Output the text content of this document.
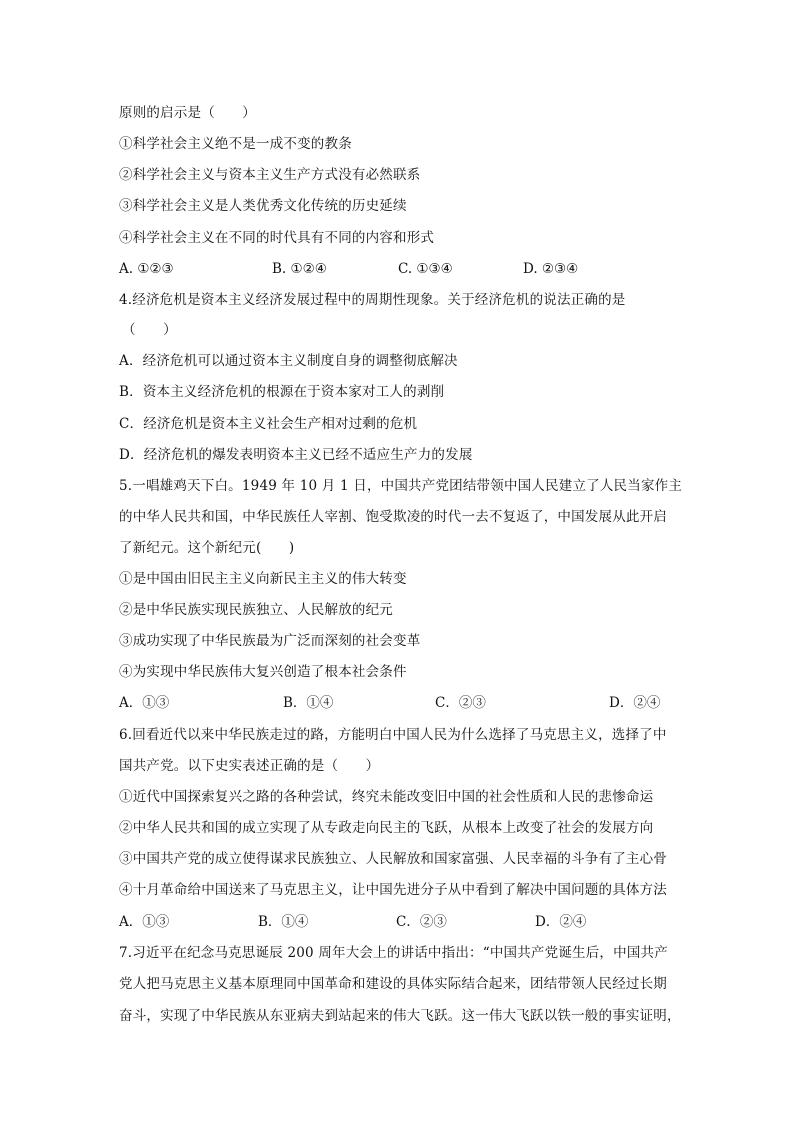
原则的启示是（　　）
①科学社会主义绝不是一成不变的教条
②科学社会主义与资本主义生产方式没有必然联系
③科学社会主义是人类优秀文化传统的历史延续
④科学社会主义在不同的时代具有不同的内容和形式
A. ①②③	B. ①②④	C. ①③④	D. ②③④
4.经济危机是资本主义经济发展过程中的周期性现象。关于经济危机的说法正确的是
（　　）
A．经济危机可以通过资本主义制度自身的调整彻底解决
B．资本主义经济危机的根源在于资本家对工人的剥削
C．经济危机是资本主义社会生产相对过剩的危机
D．经济危机的爆发表明资本主义已经不适应生产力的发展
5.一唱雄鸡天下白。1949 年 10 月 1 日，中国共产党团结带领中国人民建立了人民当家作主
的中华人民共和国，中华民族任人宰割、饱受欺凌的时代一去不复返了，中国发展从此开启
了新纪元。这个新纪元(　　)
①是中国由旧民主主义向新民主主义的伟大转变
②是中华民族实现民族独立、人民解放的纪元
③成功实现了中华民族最为广泛而深刻的社会变革
④为实现中华民族伟大复兴创造了根本社会条件
A．①③	B．①④	C．②③	D．②④
6.回看近代以来中华民族走过的路，方能明白中国人民为什么选择了马克思主义，选择了中
国共产党。以下史实表述正确的是（　　）
①近代中国探索复兴之路的各种尝试，终究未能改变旧中国的社会性质和人民的悲惨命运
②中华人民共和国的成立实现了从专政走向民主的飞跃，从根本上改变了社会的发展方向
③中国共产党的成立使得谋求民族独立、人民解放和国家富强、人民幸福的斗争有了主心骨
④十月革命给中国送来了马克思主义，让中国先进分子从中看到了解决中国问题的具体方法
A．①③	B．①④	C．②③	D．②④
7.习近平在纪念马克思诞辰 200 周年大会上的讲话中指出：“中国共产党诞生后，中国共产
党人把马克思主义基本原理同中国革命和建设的具体实际结合起来，团结带领人民经过长期
奋斗，实现了中华民族从东亚病夫到站起来的伟大飞跃。这一伟大飞跃以铁一般的事实证明，
